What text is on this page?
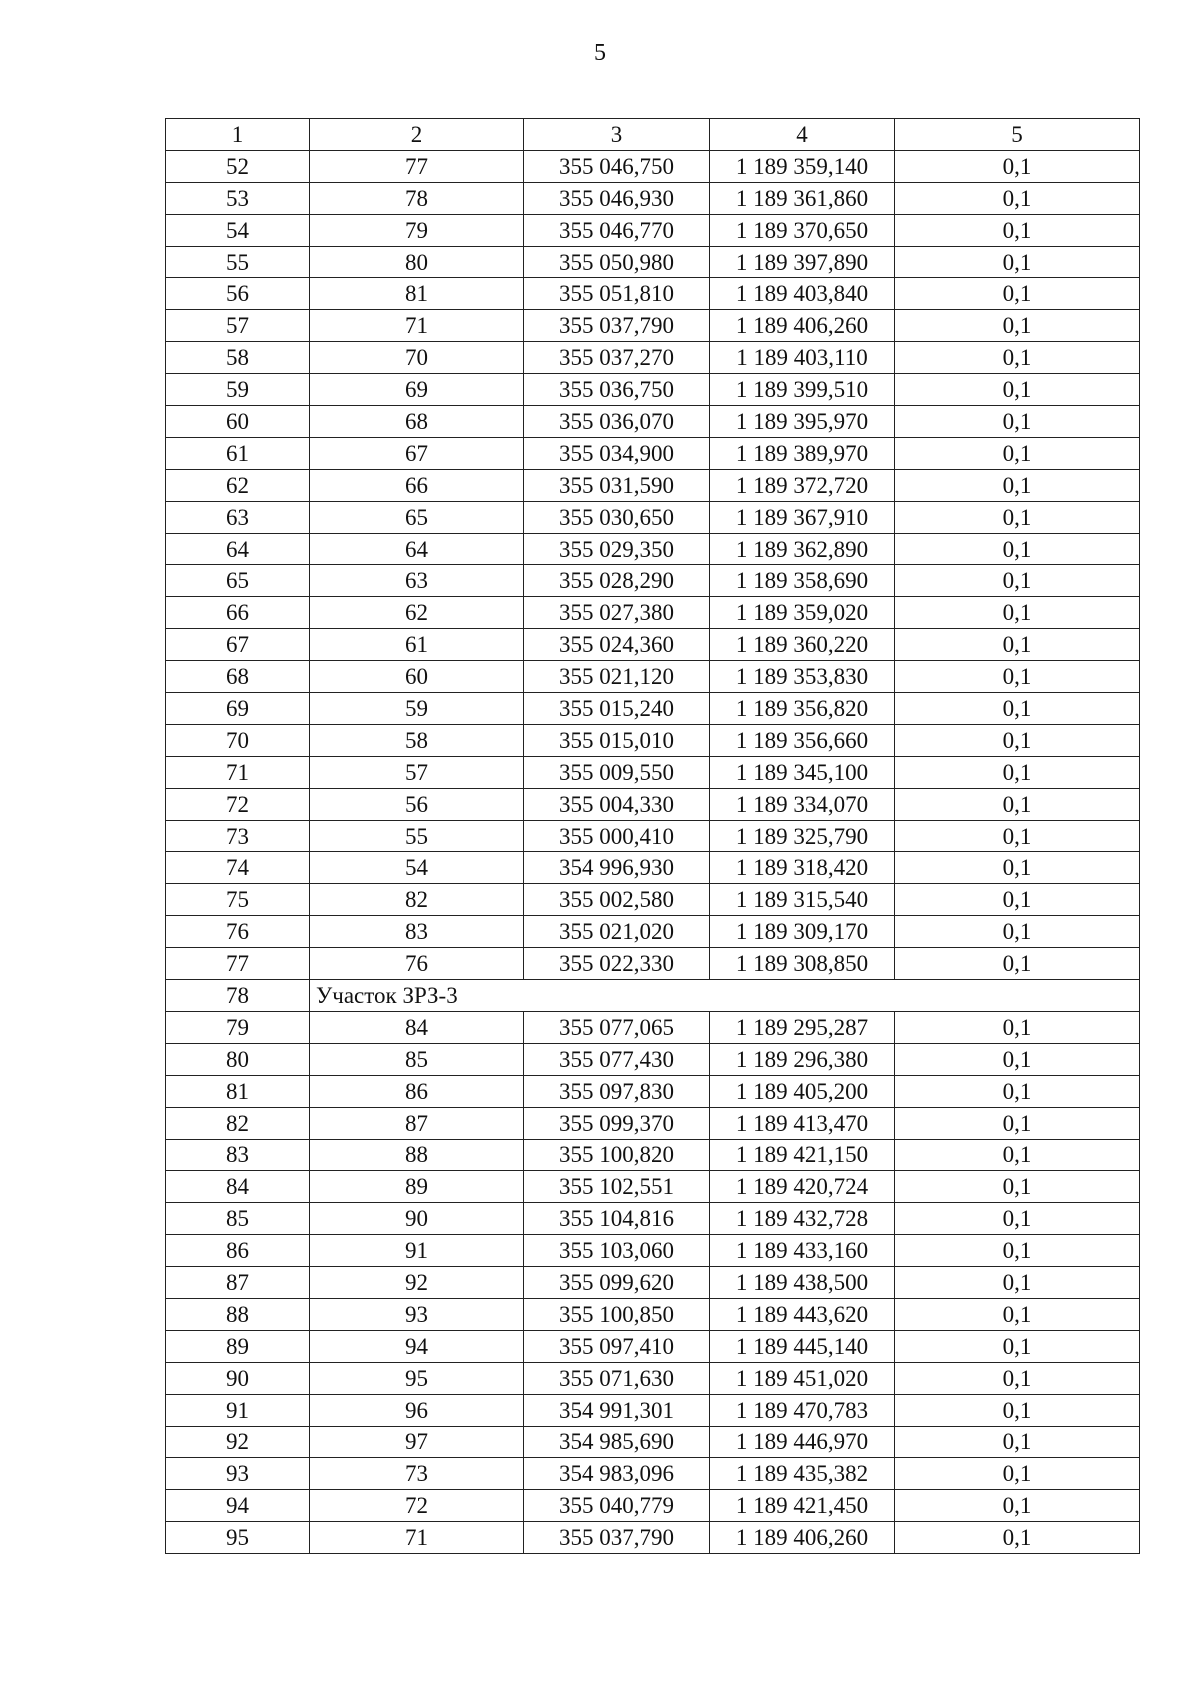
5
1	2	3	4	5
52	77	355 046,750	1 189 359,140	0,1
53	78	355 046,930	1 189 361,860	0,1
54	79	355 046,770	1 189 370,650	0,1
55	80	355 050,980	1 189 397,890	0,1
56	81	355 051,810	1 189 403,840	0,1
57	71	355 037,790	1 189 406,260	0,1
58	70	355 037,270	1 189 403,110	0,1
59	69	355 036,750	1 189 399,510	0,1
60	68	355 036,070	1 189 395,970	0,1
61	67	355 034,900	1 189 389,970	0,1
62	66	355 031,590	1 189 372,720	0,1
63	65	355 030,650	1 189 367,910	0,1
64	64	355 029,350	1 189 362,890	0,1
65	63	355 028,290	1 189 358,690	0,1
66	62	355 027,380	1 189 359,020	0,1
67	61	355 024,360	1 189 360,220	0,1
68	60	355 021,120	1 189 353,830	0,1
69	59	355 015,240	1 189 356,820	0,1
70	58	355 015,010	1 189 356,660	0,1
71	57	355 009,550	1 189 345,100	0,1
72	56	355 004,330	1 189 334,070	0,1
73	55	355 000,410	1 189 325,790	0,1
74	54	354 996,930	1 189 318,420	0,1
75	82	355 002,580	1 189 315,540	0,1
76	83	355 021,020	1 189 309,170	0,1
77	76	355 022,330	1 189 308,850	0,1
78	Участок ЗРЗ-3			
79	84	355 077,065	1 189 295,287	0,1
80	85	355 077,430	1 189 296,380	0,1
81	86	355 097,830	1 189 405,200	0,1
82	87	355 099,370	1 189 413,470	0,1
83	88	355 100,820	1 189 421,150	0,1
84	89	355 102,551	1 189 420,724	0,1
85	90	355 104,816	1 189 432,728	0,1
86	91	355 103,060	1 189 433,160	0,1
87	92	355 099,620	1 189 438,500	0,1
88	93	355 100,850	1 189 443,620	0,1
89	94	355 097,410	1 189 445,140	0,1
90	95	355 071,630	1 189 451,020	0,1
91	96	354 991,301	1 189 470,783	0,1
92	97	354 985,690	1 189 446,970	0,1
93	73	354 983,096	1 189 435,382	0,1
94	72	355 040,779	1 189 421,450	0,1
95	71	355 037,790	1 189 406,260	0,1
